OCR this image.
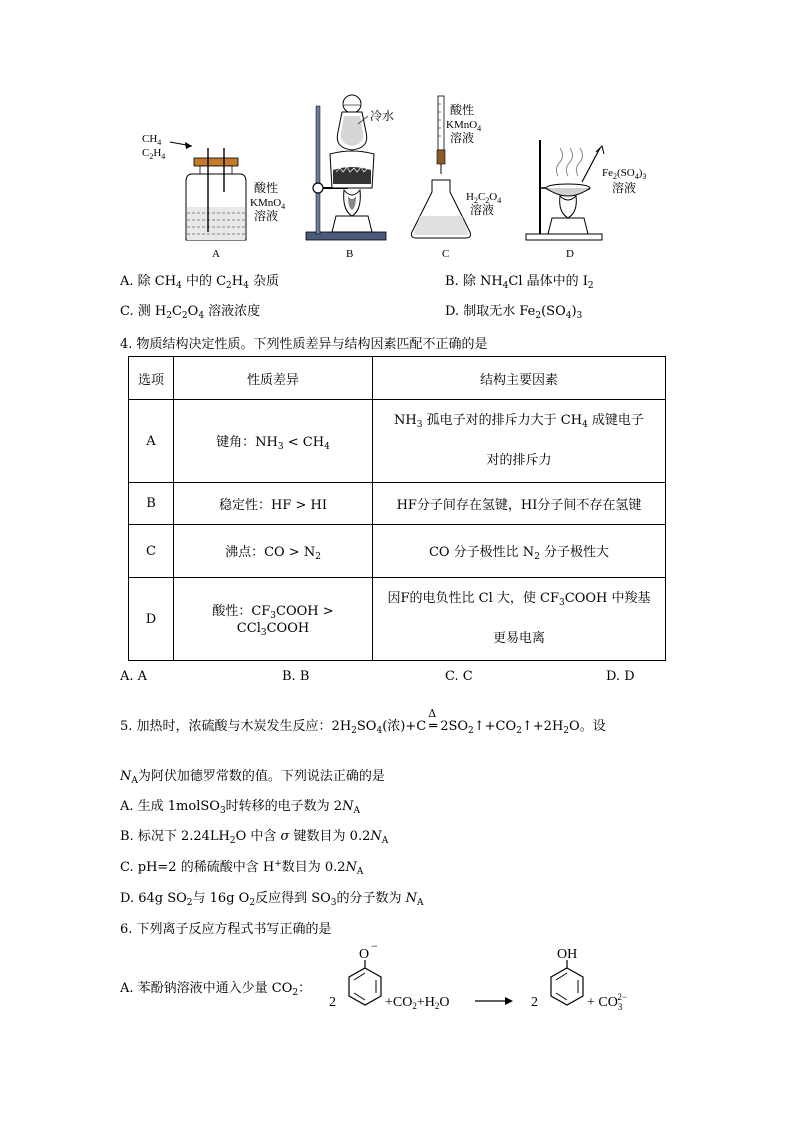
$CH_4$
$C_2H_4$
酸性
KMnO$_4$
溶液
A
冷水
B
酸性
KMnO$_4$
溶液
$H_2C_2O_4$
溶液
C
$Fe_2(SO_4)_3$
溶液
D
A. 除 $CH_4$ 中的 $C_2H_4$ 杂质	B. 除 $NH_4Cl$ 晶体中的 $I_2$
C. 测 $H_2C_2O_4$ 溶液浓度	D. 制取无水 $Fe_2(SO_4)_3$
4. 物质结构决定性质。下列性质差异与结构因素匹配不正确的是
选项	性质差异	结构主要因素
A	键角：$NH_3 < CH_4$	$NH_3$ 孤电子对的排斥力大于 $CH_4$ 成键电子
对的排斥力
B	稳定性：HF > HI	HF分子间存在氢键，HI分子间不存在氢键
C	沸点：CO > $N_2$	CO 分子极性比 $N_2$ 分子极性大
D	酸性：$CF_3COOH$ > CCl$_3$COOH	因F的电负性比 Cl 大，使 $CF_3COOH$ 中羧基
更易电离
A. A	B. B	C. C	D. D
5. 加热时，浓硫酸与木炭发生反应：$2H_2SO_4$(浓)+C
Δ
═ $2SO_2↑+CO_2↑+2H_2O$。设
$N_A$为阿伏加德罗常数的值。下列说法正确的是
A. 生成 1molSO$_3$时转移的电子数为 $2N_A$
B. 标况下 $2.24LH_2O$ 中含 σ 键数目为 $0.2N_A$
C. pH=2 的稀硫酸中含 H+数目为 $0.2N_A$
D. 64g $SO_2$与 16g $O_2$反应得到 $SO_3$的分子数为 $N_A$
6. 下列离子反应方程式书写正确的是
A. 苯酚钠溶液中通入少量 $CO_2$：
2
O
−
$+CO_2+H_2O$	2
OH
+ $CO_32-$
